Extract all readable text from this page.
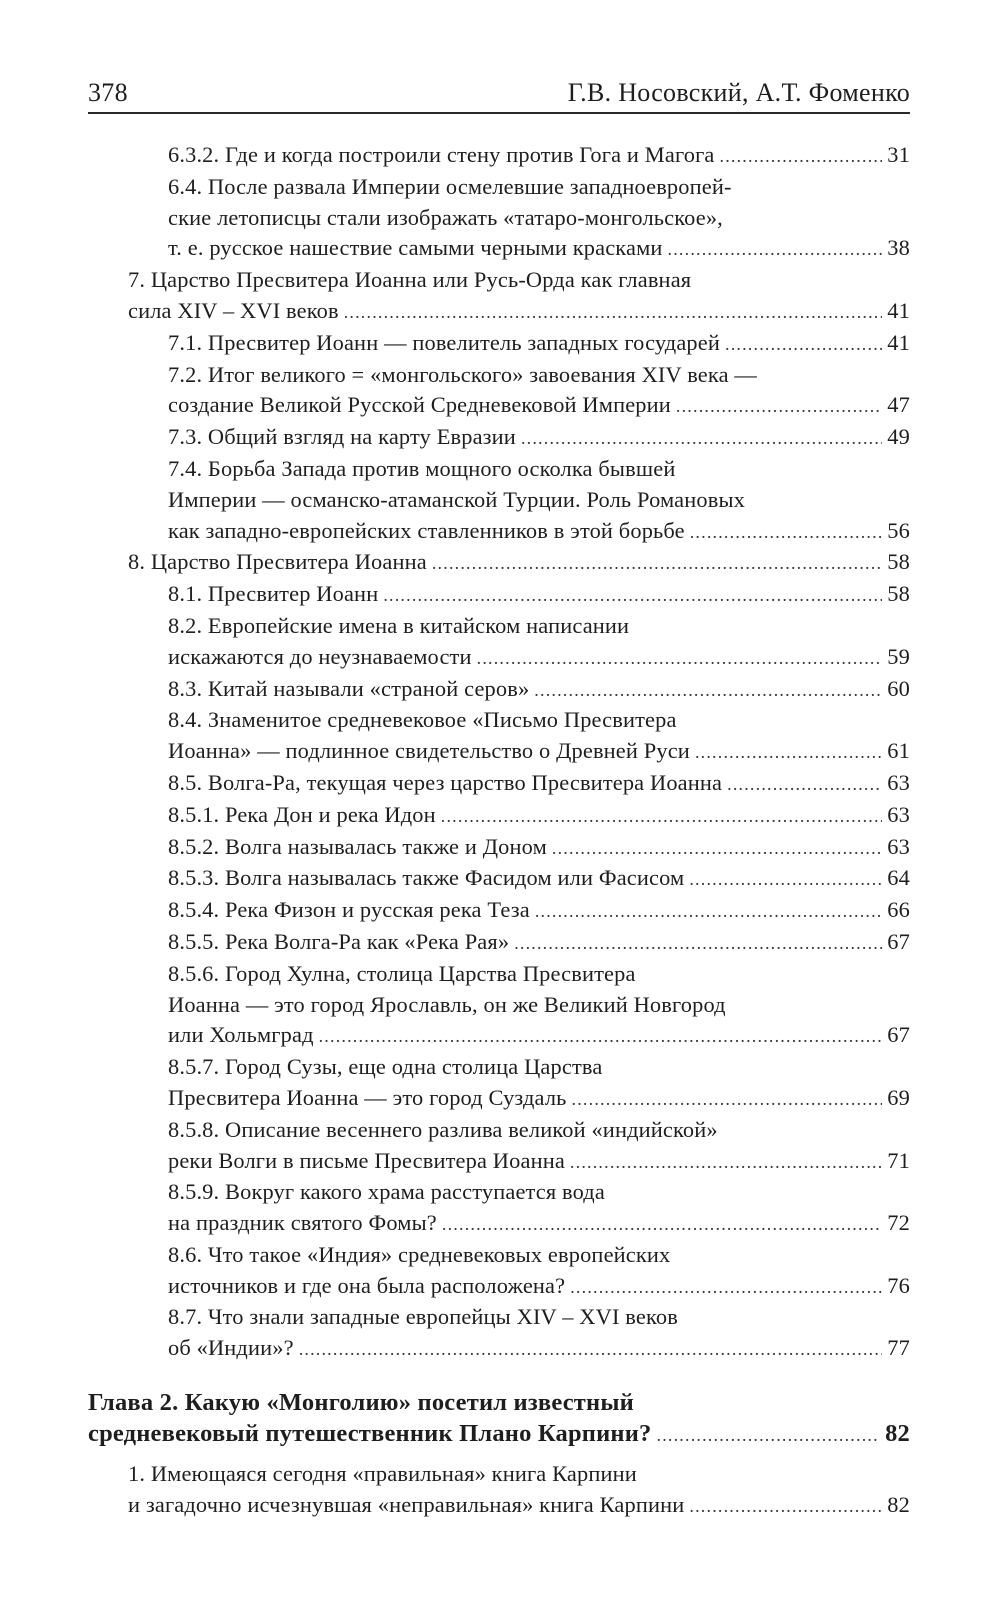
378	Г.В. Носовский, А.Т. Фоменко
6.3.2. Где и когда построили стену против Гога и Магога .....	31
6.4. После развала Империи осмелевшие западноевропей-
ские летописцы стали изображать «татаро-монгольское»,
т. е. русское нашествие самыми черными красками .....	38
7. Царство Пресвитера Иоанна или Русь-Орда как главная
сила XIV – XVI веков .....	41
7.1. Пресвитер Иоанн — повелитель западных государей .....	41
7.2. Итог великого = «монгольского» завоевания XIV века —
создание Великой Русской Средневековой Империи .....	47
7.3. Общий взгляд на карту Евразии .....	49
7.4. Борьба Запада против мощного осколка бывшей
Империи — османско-атаманской Турции. Роль Романовых
как западно-европейских ставленников в этой борьбе .....	56
8. Царство Пресвитера Иоанна .....	58
8.1. Пресвитер Иоанн .....	58
8.2. Европейские имена в китайском написании
искажаются до неузнаваемости .....	59
8.3. Китай называли «страной серов» .....	60
8.4. Знаменитое средневековое «Письмо Пресвитера
Иоанна» — подлинное свидетельство о Древней Руси .....	61
8.5. Волга-Ра, текущая через царство Пресвитера Иоанна .....	63
8.5.1. Река Дон и река Идон .....	63
8.5.2. Волга называлась также и Доном .....	63
8.5.3. Волга называлась также Фасидом или Фасисом .....	64
8.5.4. Река Физон и русская река Теза .....	66
8.5.5. Река Волга-Ра как «Река Рая» .....	67
8.5.6. Город Хулна, столица Царства Пресвитера
Иоанна — это город Ярославль, он же Великий Новгород
или Хольмград .....	67
8.5.7. Город Сузы, еще одна столица Царства
Пресвитера Иоанна — это город Суздаль .....	69
8.5.8. Описание весеннего разлива великой «индийской»
реки Волги в письме Пресвитера Иоанна .....	71
8.5.9. Вокруг какого храма расступается вода
на праздник святого Фомы? .....	72
8.6. Что такое «Индия» средневековых европейских
источников и где она была расположена? .....	76
8.7. Что знали западные европейцы XIV – XVI веков
об «Индии»? .....	77
Глава 2. Какую «Монголию» посетил известный
средневековый путешественник Плано Карпини? .....	82
1. Имеющаяся сегодня «правильная» книга Карпини
и загадочно исчезнувшая «неправильная» книга Карпини .....	82
